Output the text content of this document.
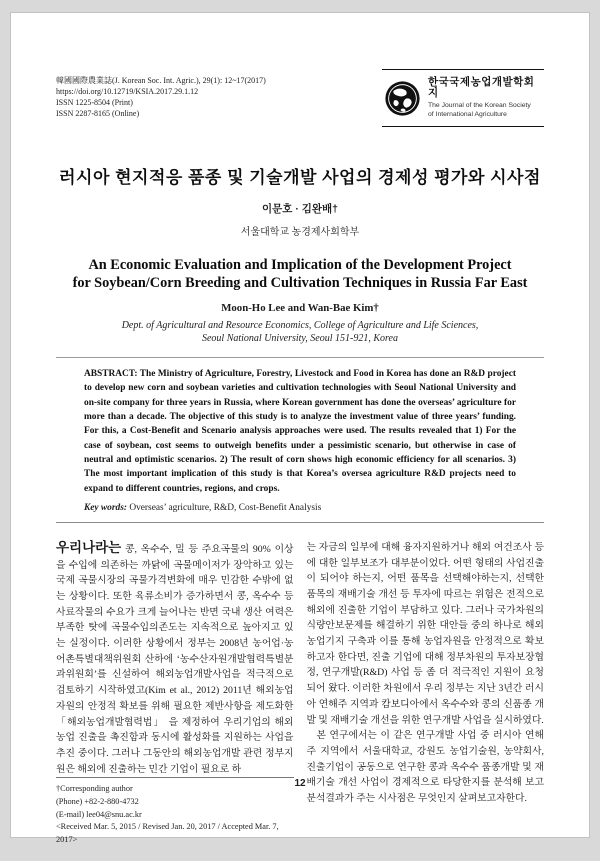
韓國國際農業誌(J. Korean Soc. Int. Agric.), 29(1): 12~17(2017)
https://doi.org/10.12719/KSIA.2017.29.1.12
ISSN 1225-8504 (Print)
ISSN 2287-8165 (Online)
한국국제농업개발학회지
The Journal of the Korean Society
of International Agriculture
러시아 현지적응 품종 및 기술개발 사업의 경제성 평가와 시사점
이문호 · 김완배†
서울대학교 농경제사회학부
An Economic Evaluation and Implication of the Development Project
for Soybean/Corn Breeding and Cultivation Techniques in Russia Far East
Moon-Ho Lee and Wan-Bae Kim†
Dept. of Agricultural and Resource Economics, College of Agriculture and Life Sciences,
Seoul National University, Seoul 151-921, Korea

ABSTRACT: The Ministry of Agriculture, Forestry, Livestock and Food in Korea has done an R&D project to develop new corn and soybean varieties and cultivation technologies with Seoul National University and on-site company for three years in Russia, where Korean government has done the overseas’ agriculture for more than a decade. The objective of this study is to analyze the investment value of three years’ funding. For this, a Cost-Benefit and Scenario analysis approaches were used. The results revealed that 1) For the case of soybean, cost seems to outweigh benefits under a pessimistic scenario, but otherwise in case of neutral and optimistic scenarios. 2) The result of corn shows high economic efficiency for all scenarios. 3) The most important implication of this study is that Korea’s oversea agriculture R&D projects need to expand to different countries, regions, and crops.

Key words: Overseas’ agriculture, R&D, Cost-Benefit Analysis

우리나라는 콩, 옥수수, 밀 등 주요곡물의 90% 이상을 수입에 의존하는 까닭에 곡물메이저가 장악하고 있는 국제 곡물시장의 곡물가격변화에 매우 민감한 수밖에 없는 상황이다. 또한 육류소비가 증가하면서 콩, 옥수수 등 사료작물의 수요가 크게 늘어나는 반면 국내 생산 여력은 부족한 탓에 곡물수입의존도는 지속적으로 높아지고 있는 실정이다. 이러한 상황에서 정부는 2008년 농어업·농어촌특별대책위원회 산하에 ‘농수산자원개발협력특별분과위원회’를 신설하여 해외농업개발사업을 적극적으로 검토하기 시작하였고(Kim et al., 2012) 2011년 해외농업자원의 안정적 확보를 위해 필요한 제반사항을 제도화한 「해외농업개발협력법」 을 제정하여 우리기업의 해외농업 진출을 촉진함과 동시에 활성화를 지원하는 사업을 추진 중이다. 그러나 그동안의 해외농업개발 관련 정부지원은 해외에 진출하는 민간 기업이 필요로 하

†Corresponding author
(Phone) +82-2-880-4732
(E-mail) lee04@snu.ac.kr
<Received Mar. 5, 2015 / Revised Jan. 20, 2017 / Accepted Mar. 7, 2017>

는 자금의 일부에 대해 융자지원하거나 해외 여건조사 등에 대한 일부보조가 대부분이었다. 어떤 형태의 사업진출이 되어야 하는지, 어떤 품목을 선택해야하는지, 선택한 품목의 재배기술 개선 등 투자에 따르는 위험은 전적으로 해외에 진출한 기업이 부담하고 있다. 그러나 국가차원의 식량안보문제를 해결하기 위한 대안들 중의 하나로 해외농업기지 구축과 이를 통해 농업자원을 안정적으로 확보하고자 한다면, 진출 기업에 대해 정부차원의 투자보장협정, 연구개발(R&D) 사업 등 좀 더 적극적인 지원이 요청되어 왔다. 이러한 차원에서 우리 정부는 지난 3년간 러시아 연해주 지역과 캄보디아에서 옥수수와 콩의 신품종 개발 및 재배기술 개선을 위한 연구개발 사업을 실시하였다.

본 연구에서는 이 같은 연구개발 사업 중 러시아 연해주 지역에서 서울대학교, 강원도 농업기술원, 농약회사, 진출기업이 공동으로 연구한 콩과 옥수수 품종개발 및 재배기술 개선 사업이 경제적으로 타당한지를 분석해 보고 분석결과가 주는 시사점은 무엇인지 살펴보고자한다.

12
